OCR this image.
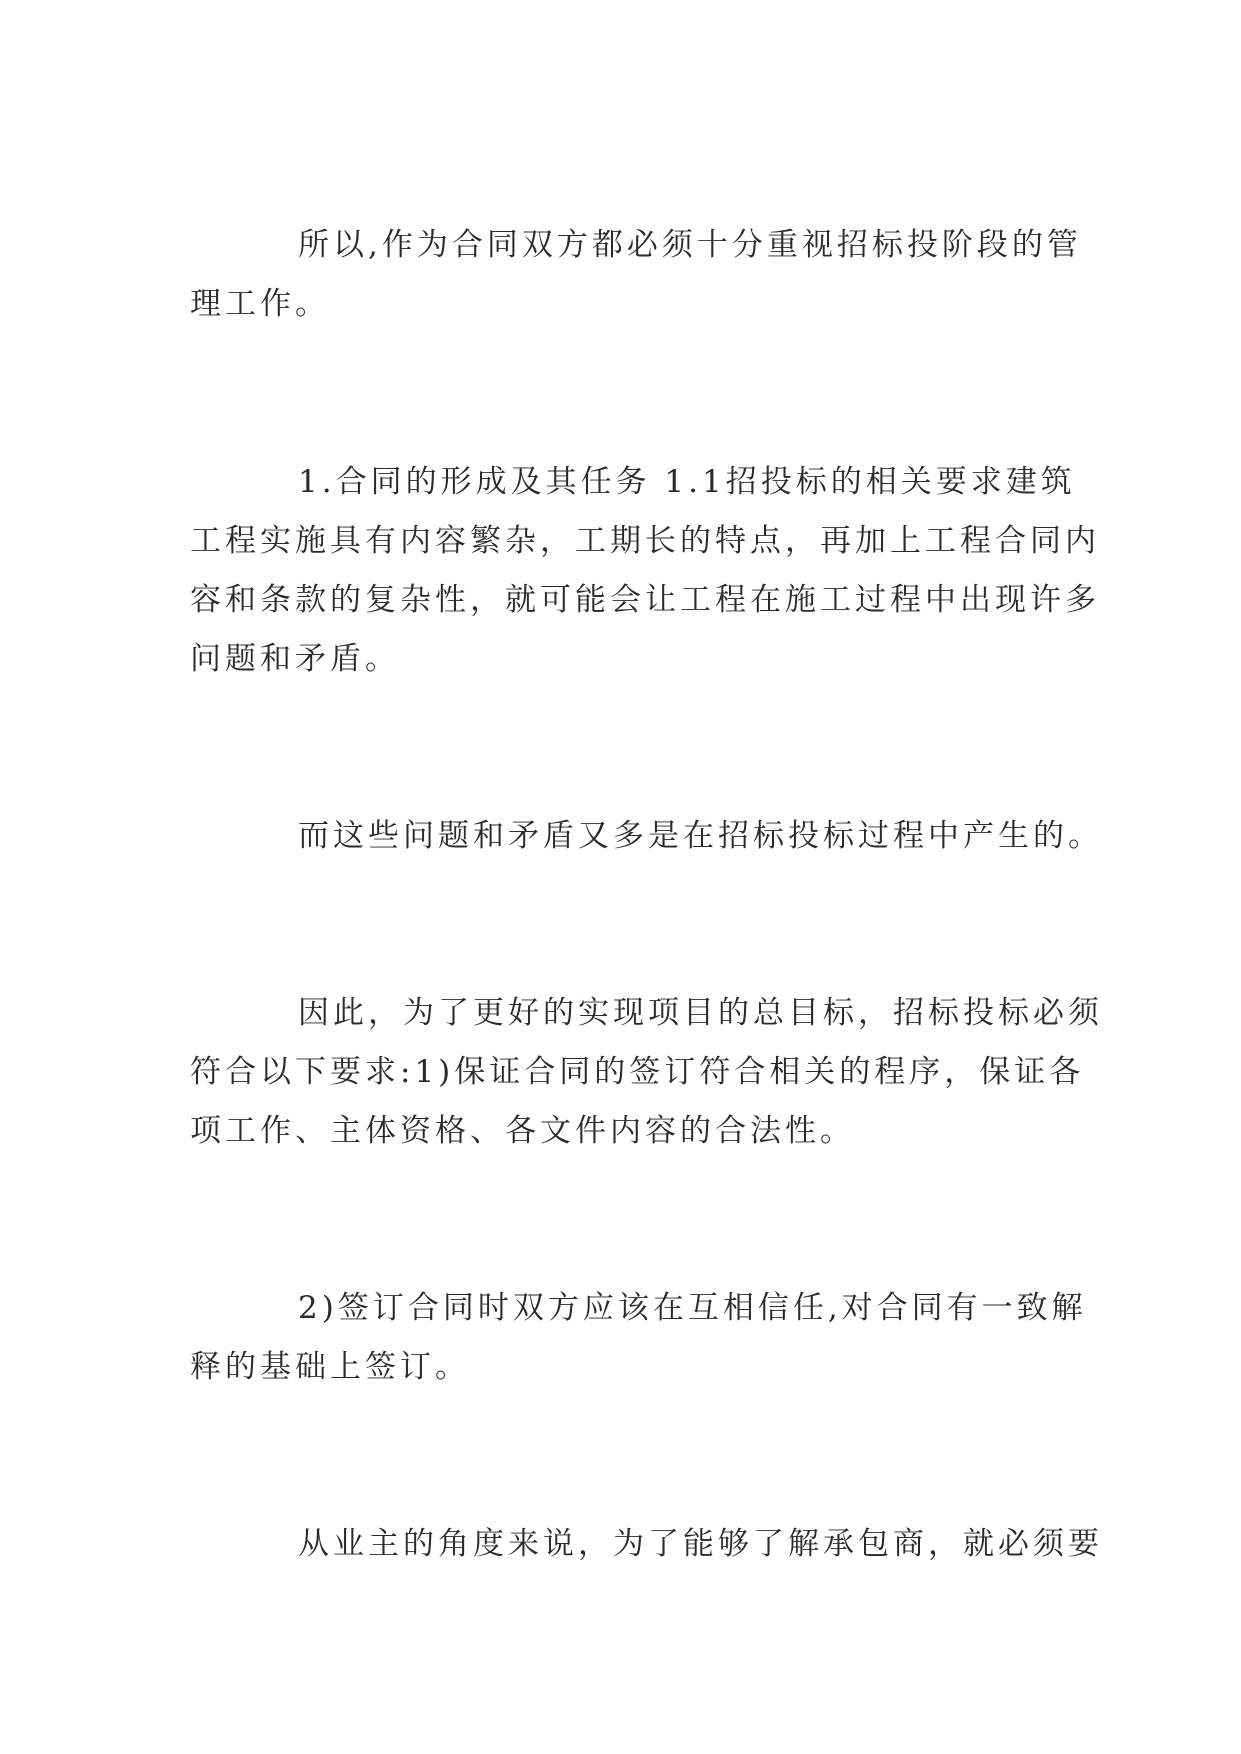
所以,作为合同双方都必须十分重视招标投阶段的管
理工作。
1.合同的形成及其任务 1.1招投标的相关要求建筑
工程实施具有内容繁杂，工期长的特点，再加上工程合同内
容和条款的复杂性，就可能会让工程在施工过程中出现许多
问题和矛盾。
而这些问题和矛盾又多是在招标投标过程中产生的。
因此，为了更好的实现项目的总目标，招标投标必须
符合以下要求:1)保证合同的签订符合相关的程序，保证各
项工作、主体资格、各文件内容的合法性。
2)签订合同时双方应该在互相信任,对合同有一致解
释的基础上签订。
从业主的角度来说，为了能够了解承包商，就必须要
